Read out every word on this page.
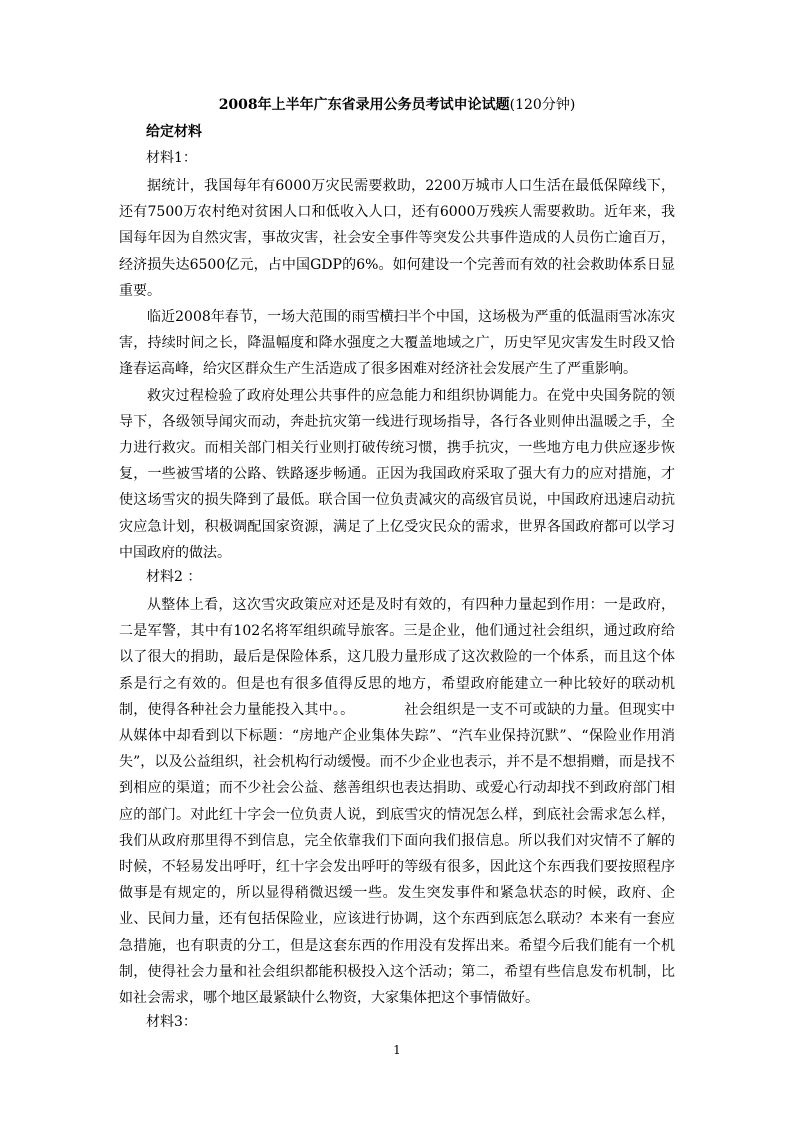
2008年上半年广东省录用公务员考试申论试题(120分钟)
给定材料
材料1：

据统计，我国每年有6000万灾民需要救助，2200万城市人口生活在最低保障线下，还有7500万农村绝对贫困人口和低收入人口，还有6000万残疾人需要救助。近年来，我国每年因为自然灾害，事故灾害，社会安全事件等突发公共事件造成的人员伤亡逾百万，经济损失达6500亿元，占中国GDP的6%。如何建设一个完善而有效的社会救助体系日显重要。

临近2008年春节，一场大范围的雨雪横扫半个中国，这场极为严重的低温雨雪冰冻灾害，持续时间之长，降温幅度和降水强度之大覆盖地域之广，历史罕见灾害发生时段又恰逢春运高峰，给灾区群众生产生活造成了很多困难对经济社会发展产生了严重影响。

救灾过程检验了政府处理公共事件的应急能力和组织协调能力。在党中央国务院的领导下，各级领导闻灾而动，奔赴抗灾第一线进行现场指导，各行各业则伸出温暖之手，全力进行救灾。而相关部门相关行业则打破传统习惯，携手抗灾，一些地方电力供应逐步恢复，一些被雪堵的公路、铁路逐步畅通。正因为我国政府采取了强大有力的应对措施，才使这场雪灾的损失降到了最低。联合国一位负责减灾的高级官员说，中国政府迅速启动抗灾应急计划，积极调配国家资源，满足了上亿受灾民众的需求，世界各国政府都可以学习中国政府的做法。

材料2 ：

从整体上看，这次雪灾政策应对还是及时有效的，有四种力量起到作用：一是政府，二是军警，其中有102名将军组织疏导旅客。三是企业，他们通过社会组织，通过政府给以了很大的捐助，最后是保险体系，这几股力量形成了这次救险的一个体系，而且这个体系是行之有效的。但是也有很多值得反思的地方，希望政府能建立一种比较好的联动机制，使得各种社会力量能投入其中。。　　　　社会组织是一支不可或缺的力量。但现实中从媒体中却看到以下标题：“房地产企业集体失踪”、“汽车业保持沉默”、“保险业作用消失”，以及公益组织，社会机构行动缓慢。而不少企业也表示，并不是不想捐赠，而是找不到相应的渠道；而不少社会公益、慈善组织也表达捐助、或爱心行动却找不到政府部门相应的部门。对此红十字会一位负责人说，到底雪灾的情况怎么样，到底社会需求怎么样，我们从政府那里得不到信息，完全依靠我们下面向我们报信息。所以我们对灾情不了解的时候，不轻易发出呼吁，红十字会发出呼吁的等级有很多，因此这个东西我们要按照程序做事是有规定的，所以显得稍微迟缓一些。发生突发事件和紧急状态的时候，政府、企业、民间力量，还有包括保险业，应该进行协调，这个东西到底怎么联动？本来有一套应急措施，也有职责的分工，但是这套东西的作用没有发挥出来。希望今后我们能有一个机制，使得社会力量和社会组织都能积极投入这个活动；第二，希望有些信息发布机制，比如社会需求，哪个地区最紧缺什么物资，大家集体把这个事情做好。

材料3：
1
